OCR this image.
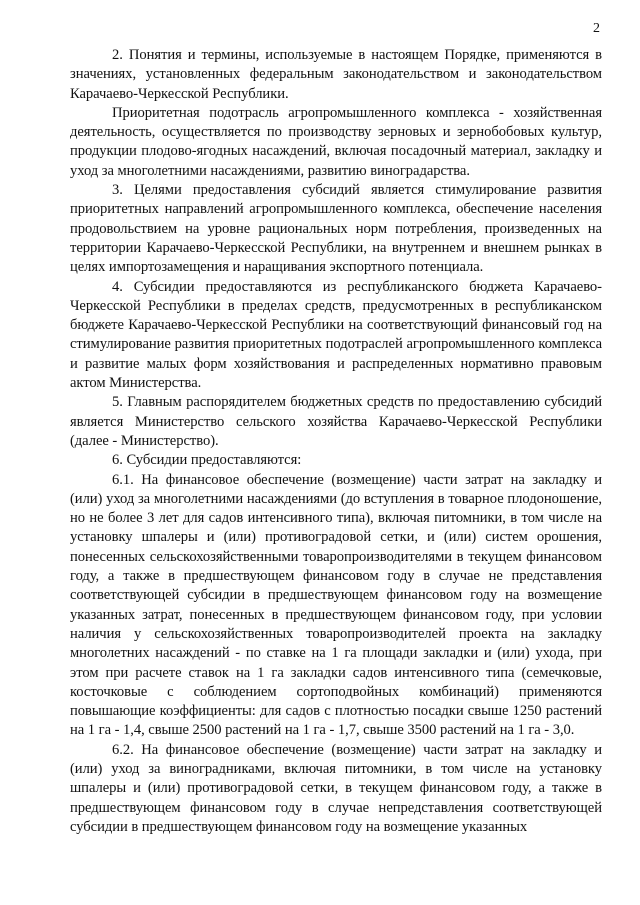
2

2. Понятия и термины, используемые в настоящем Порядке, применяются в значениях, установленных федеральным законодательством и законодательством Карачаево-Черкесской Республики.

Приоритетная подотрасль агропромышленного комплекса - хозяйственная деятельность, осуществляется по производству зерновых и зернобобовых культур, продукции плодово-ягодных насаждений, включая посадочный материал, закладку и уход за многолетними насаждениями, развитию виноградарства.

3. Целями предоставления субсидий является стимулирование развития приоритетных направлений агропромышленного комплекса, обеспечение населения продовольствием на уровне рациональных норм потребления, произведенных на территории Карачаево-Черкесской Республики, на внутреннем и внешнем рынках в целях импортозамещения и наращивания экспортного потенциала.

4. Субсидии предоставляются из республиканского бюджета Карачаево-Черкесской Республики в пределах средств, предусмотренных в республиканском бюджете Карачаево-Черкесской Республики на соответствующий финансовый год на стимулирование развития приоритетных подотраслей агропромышленного комплекса и развитие малых форм хозяйствования и распределенных нормативно правовым актом Министерства.

5. Главным распорядителем бюджетных средств по предоставлению субсидий является Министерство сельского хозяйства Карачаево-Черкесской Республики (далее - Министерство).

6. Субсидии предоставляются:

6.1. На финансовое обеспечение (возмещение) части затрат на закладку и (или) уход за многолетними насаждениями (до вступления в товарное плодоношение, но не более 3 лет для садов интенсивного типа), включая питомники, в том числе на установку шпалеры и (или) противоградовой сетки, и (или) систем орошения, понесенных сельскохозяйственными товаропроизводителями в текущем финансовом году, а также в предшествующем финансовом году в случае не представления соответствующей субсидии в предшествующем финансовом году на возмещение указанных затрат, понесенных в предшествующем финансовом году, при условии наличия у сельскохозяйственных товаропроизводителей проекта на закладку многолетних насаждений - по ставке на 1 га площади закладки и (или) ухода, при этом при расчете ставок на 1 га закладки садов интенсивного типа (семечковые, косточковые с соблюдением сортоподвойных комбинаций) применяются повышающие коэффициенты: для садов с плотностью посадки свыше 1250 растений на 1 га - 1,4, свыше 2500 растений на 1 га - 1,7, свыше 3500 растений на 1 га - 3,0.

6.2. На финансовое обеспечение (возмещение) части затрат на закладку и (или) уход за виноградниками, включая питомники, в том числе на установку шпалеры и (или) противоградовой сетки, в текущем финансовом году, а также в предшествующем финансовом году в случае непредставления соответствующей субсидии в предшествующем финансовом году на возмещение указанных
